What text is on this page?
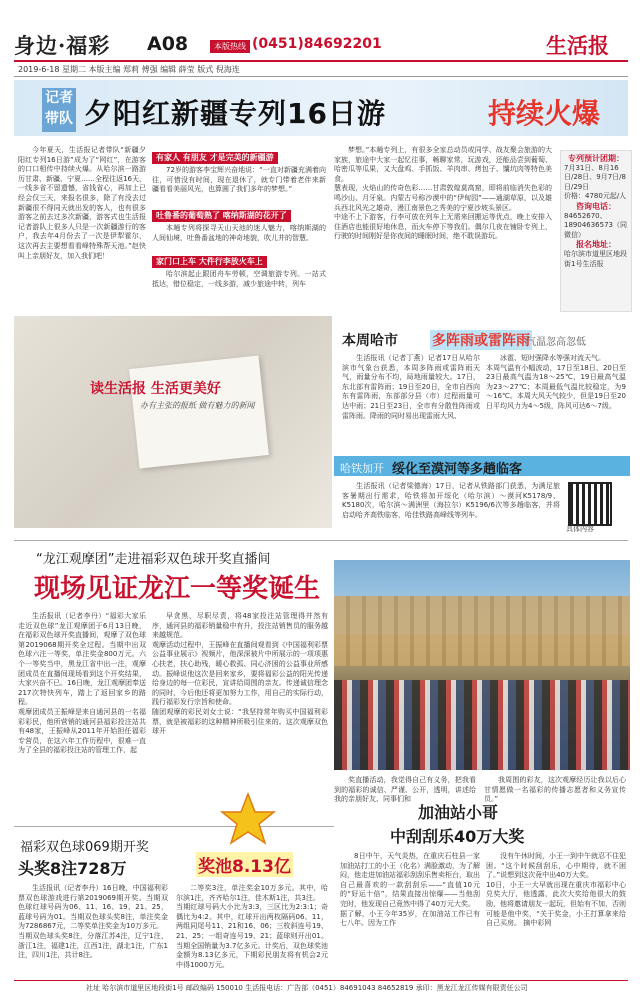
身边·福彩 A08	本版热线 (0451)84692201	生活报
2019-6-18 星期二 本版主编 郑莉 傅强 编辑 薛莹 版式 倪海连
记者带队 夕阳红新疆专列16日游	持续火爆

今年夏天，生活报记者带队“新疆夕阳红专列16日游”成为了“网红”，在游客的口口相传中持续火爆。从哈尔滨一路游历甘肃、新疆、宁夏……全程往返16天，一线多省不留遗憾，省钱省心，再加上已经会仅三天，来报名很多，除了有没去过新疆很不得同天就出发的客人，也有很多游客之前去过多次新疆，游客式也生活报记者游队上很多人只是一次新疆游行的客户，我去年4月份去了一次是伊犁霍尔，这次再去主要想看看峰特殊帮天池。”赵快叫上亲朋好友，加入我们吧！

有家人 有朋友 才是完美的新疆游

72岁的游客李宝辉兴奋地说：“一直对新疆充满着向往，可惜没有时间，现在退休了，就专门带着老伴来新疆看看美丽风光，也算圆了我们多年的梦想。”

吐鲁番的葡萄熟了 喀纳斯湖的花开了

本趟专列将探寻天山天池的迷人魅力，喀纳斯湖的人间仙境，吐鲁番盆地的神奇地貌，吹儿井的智慧。

家门口上车 大件行李放火车上

哈尔滨起止跟团舟车劳顿，空调旅游专列。一站式抵达，错位稳定，一线多游，减少旅途中转，列车

梦想。”本趟专列上，有很多全家总动员或同学、战友聚会旅游的大家族，旅途中大家一起忆往事，畅聊家常，玩游戏，还能品尝到葡萄、哈密瓜等瓜果，又大盘鸡、手抓饭、羊肉串、烤包子、馕坑肉等特色美食。
慧表现，火焰山的传奇色彩……甘肃敦煌莫高窟，即将前临消失色彩的鸣沙山、月牙泉。内蒙古号称沙漠中的“伊甸园”——通湖草原，以及雄兵西北风光之雄奇，漫江南景色之秀美的宁夏沙坡头景区。
中途不上下游客，行李可放在列车上无需来回搬运等优点，晚上安排入住酒店也能很好地休息，而火车停下等我们。偶尔几夜在铺卧专列上，行驶的时间刚好是你夜间的睡眠时间，绝不耽误游玩。

专列预计团期：
7月31日、8月16日/28日、9月7日/8日/29日
价格：4780元起/人
咨询电话：
84652670、18904636573（同微信）
报名地址：
哈尔滨市道里区地段街1号生活报
读生活报 生活更美好
办有主张的报纸 做有魅力的新闻
本周哈市 多阵雨或雷阵雨
气温忽高忽低

生活报讯（记者丁燕）记者17日从哈尔滨市气象台获悉，本周多阵雨或雷阵雨天气，雨量分布不均，局地雨量较大。17日，东北部有雷阵雨；19日至20日，全市自西向东有雷阵雨，东部部分县（市）过程雨量可达中雨；21日至23日，全市有分散性阵雨或雷阵雨。降雨的同时易出现雷雨大风、

冰雹、短时强降水等强对流天气。
本周气温有小幅波动，17日至18日、20日至23日最高气温为18～25℃，19日最高气温为23～27℃；本周最低气温比较稳定，为9～16℃。本周大风天气较少，但是19日至20日平均风力为4～5级，阵风可达6～7级。

哈铁加开 绥化至漠河等多趟临客

生活报讯（记者梁德海）17日，记者从铁路部门获悉，为满足旅客暑期出行需求，哈铁将加开绥化（哈尔滨）～漠河K5178/9、K5180次，哈尔滨～满洲里（海拉尔）K5196/6次等多趟临客，并将启动哈齐高铁临客，哈佳铁路高峰线等列车。

具体内容
“龙江观摩团”走进福彩双色球开奖直播间
现场见证龙江一等奖诞生

生活报讯（记者李丹）“福彩大家乐走近双色球”龙江观摩团于6月13日晚，在福彩双色球开奖直播间，观摩了双色球第2019068期开奖全过程。当期中出双色球六注一等奖，单注奖金800万元。六个一等奖当中，黑龙江省中出一注，观摩团成员在直播间现场看到这个开奖结果，大家兴奋不已。16日晚，龙江观摩团奉送217次特快列车，踏上了返回家乡的路程。
观摩团成员王振峰是来自通河县的一名福彩彩民，他所营销的通河县福彩投注站共有48家，王振峰从2011年开始担任福彩专营员，在这六年工作历程中，很难一直为了全县的福彩投注站的管理工作，起

早贪黑，尽职尽责，将48家投注站管理得井然有序，通河县的福彩销量稳中有升，投注站销售员的服务越来越规范。
观摩活动过程中，王振峰在直播间观看到《中国福利彩票公益事业展示》视频片，他深深被片中所展示的一项项惠心扶老，扶心助残，暖心救孤、同心济困的公益事业所感动。振峰说他这次是回来家乡，要将福彩公益的阳光传递给身边的每一位彩民，宣讲给周围的亲友。传递诚信理念的同时，今后他还将更加努力工作，用自己的实际行动，践行福彩发行宗旨和使命。
随团观摩的彩民刘女士说：“我坚持常年购买中国福利彩票，就是被福彩的这种精神所吸引住来的。这次观摩双色球开

奖直播活动，我觉得自己有义务，把我看到的福彩的诚信、严谨、公开，透明，讲述给我的亲朋好友、同事们和

我周围的彩友，这次观摩经历让我以后心甘情愿做一名福彩的传播志愿者和义务宣传员。”

福彩双色球069期开奖
头奖8注728万	奖池8.13亿

生活报讯（记者李丹）16日晚，中国福利彩票双色球游戏进行第2019069期开奖。当期双色球红球号码为06、11、16、19、21、25，蓝球号码为01。当期双色球头奖8注，单注奖金为7286867元，二等奖单注奖金为10万多元。
当期双色球头奖8注，分落江苏4注，辽宁1注，浙江1注，福建1注，江西1注，湖北1注，广东1注，四川1注，共计8注。

二等奖3注，单注奖金10万多元。其中，哈尔滨1注，齐齐哈尔1注，佳木斯1注，共3注。
当期红球号码大小比为3:3，三区比为2:3:1；奇偶比为4:2。其中，红球开出两枚隔码06、11，两组同尾号11、21和16、06；三枚斜连号19、21、25；一组奇连号19、21；蓝球则开出01。当期全国销量为3.7亿多元。计奖后，双色球奖池金额为8.13亿多元，下期彩民朋友将有机会2元中得1000万元。

加油站小哥
中刮刮乐40万大奖

8日中午，天气炎热，在重庆石柱县一家加油站打工的小王（化名）满脸激动，为了解闷，他走进加油站福彩刮刮乐售卖柜台，取出自己最喜欢的一款刮刮乐——“直值10元的“好运十倍”，结果直接出惊爆——当他刮完时，他发现自己竟然中得了40万元大奖。
据了解，小王今年35岁，在加油站工作已有七八年。因为工作

没有午休时间，小王一到中午就忍不住犯困。“这个时候刮刮乐，心中期待，就不困了。”说想到这次竟中出40万大奖。
10日，小王一大早就出现在重庆市福彩中心兑奖大厅，他透露，此次大奖给他很大的鼓励，他将邀请朋友一起玩，但始有不加，否则可能是他中奖，“关于奖金，小王打算拿来给自己买房。 摘中彩网

社址 哈尔滨市道里区地段街1号 邮政编码 150010 生活报电话：广告部（0451）84691043 84652819 承印：黑龙江龙江传媒有限责任公司
